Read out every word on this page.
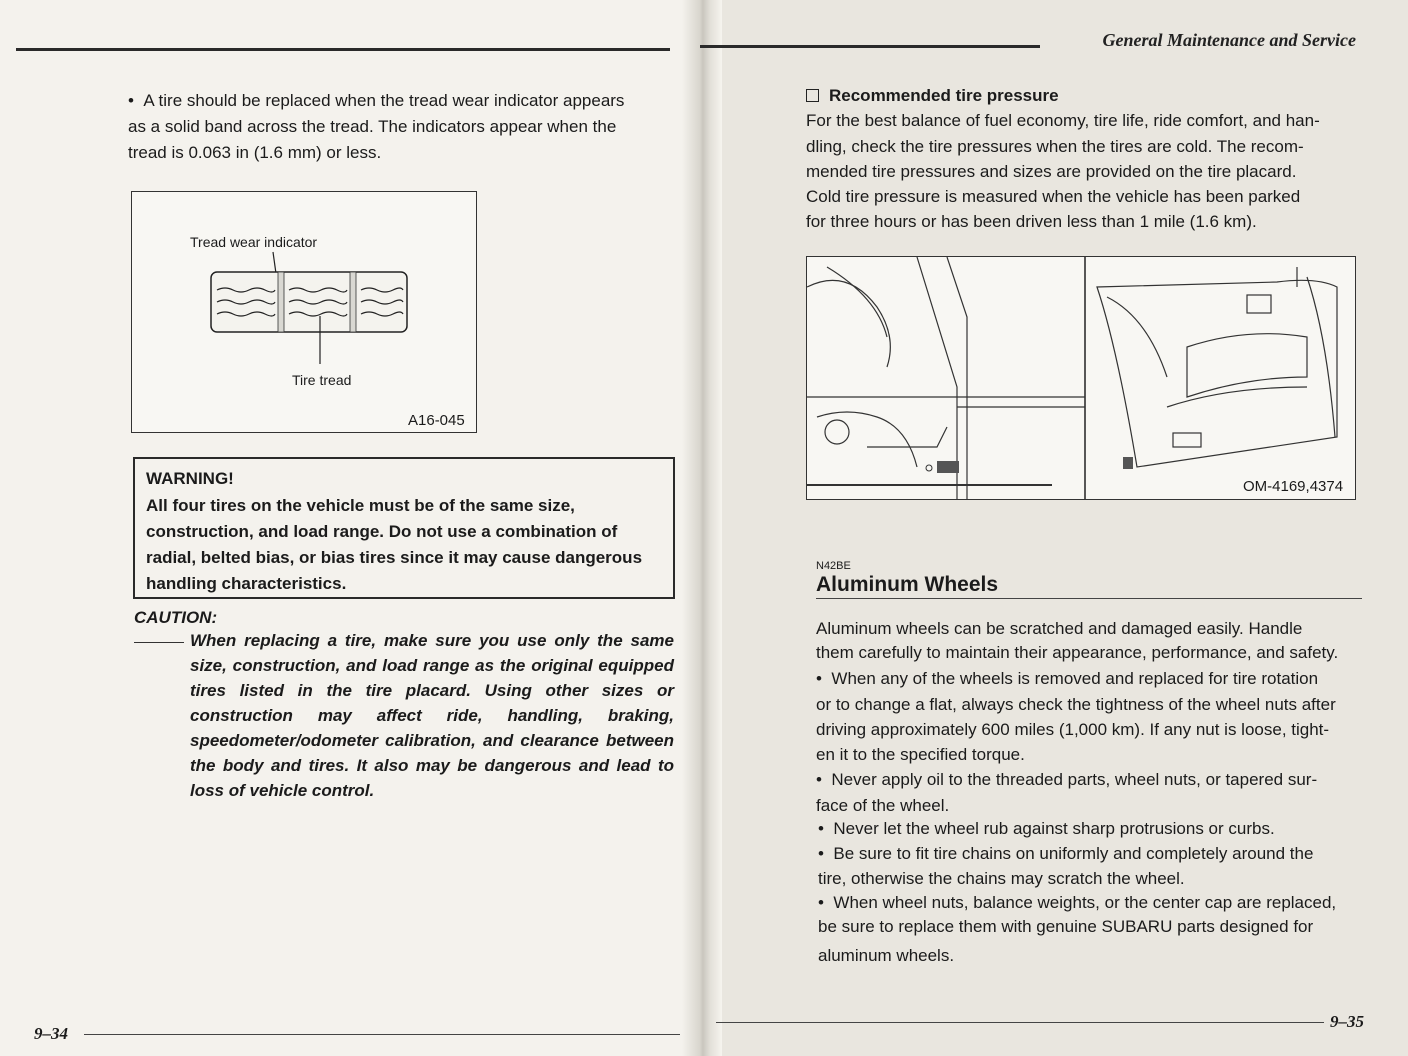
•  A tire should be replaced when the tread wear indicator appears
as a solid band across the tread. The indicators appear when the
tread is 0.063 in (1.6 mm) or less.
Tread wear indicator
Tire tread
A16-045
WARNING!
All four tires on the vehicle must be of the same size, construction, and load range. Do not use a combination of radial, belted bias, or bias tires since it may cause dangerous handling characteristics.
CAUTION:
When replacing a tire, make sure you use only the same size, construction, and load range as the original equipped tires listed in the tire placard. Using other sizes or construction may affect ride, handling, braking, speedometer/odometer calibration, and clearance between the body and tires. It also may be dangerous and lead to loss of vehicle control.
9–34
General Maintenance and Service
Recommended tire pressure
For the best balance of fuel economy, tire life, ride comfort, and han-
dling, check the tire pressures when the tires are cold. The recom-
mended tire pressures and sizes are provided on the tire placard.
Cold tire pressure is measured when the vehicle has been parked
for three hours or has been driven less than 1 mile (1.6 km).
OM-4169,4374
N42BE
Aluminum Wheels
Aluminum wheels can be scratched and damaged easily. Handle
them carefully to maintain their appearance, performance, and safety.
•  When any of the wheels is removed and replaced for tire rotation
or to change a flat, always check the tightness of the wheel nuts after
driving approximately 600 miles (1,000 km). If any nut is loose, tight-
en it to the specified torque.
•  Never apply oil to the threaded parts, wheel nuts, or tapered sur-
face of the wheel.
•  Never let the wheel rub against sharp protrusions or curbs.
•  Be sure to fit tire chains on uniformly and completely around the
tire, otherwise the chains may scratch the wheel.
•  When wheel nuts, balance weights, or the center cap are replaced,
be sure to replace them with genuine SUBARU parts designed for
aluminum wheels.
9–35
